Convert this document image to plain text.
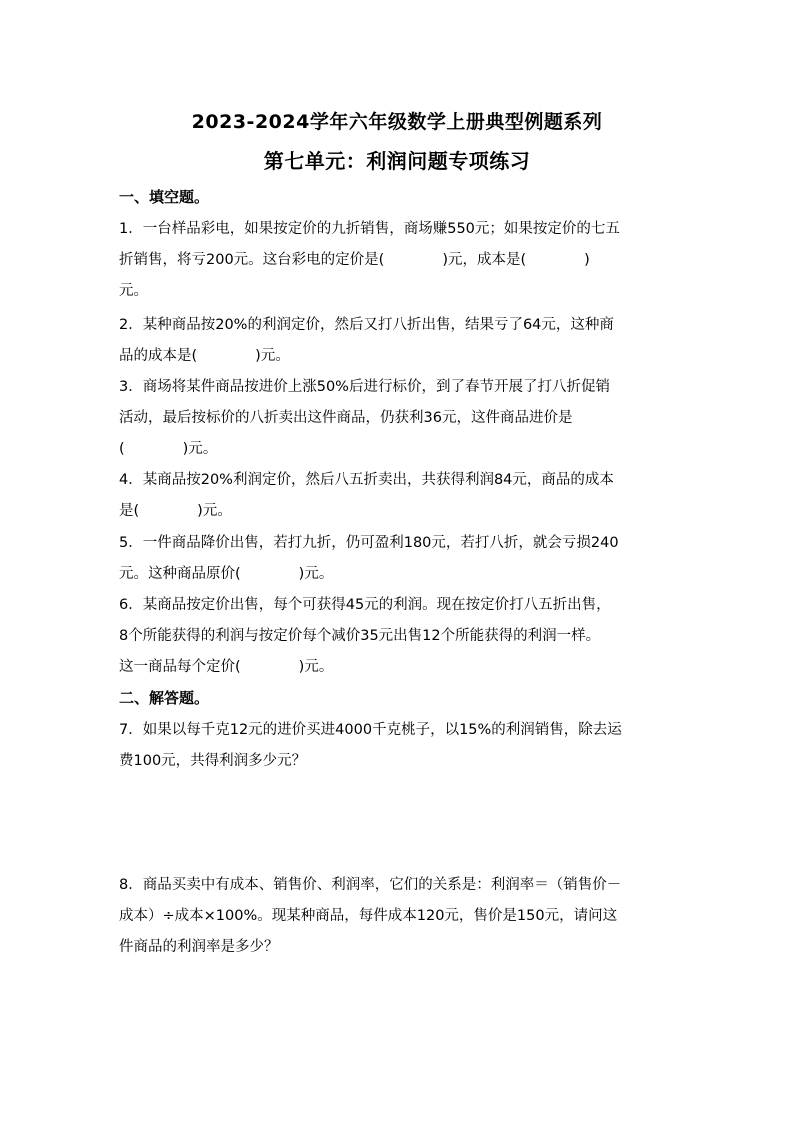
2023-2024学年六年级数学上册典型例题系列
第七单元：利润问题专项练习
一、填空题。
1．一台样品彩电，如果按定价的九折销售，商场赚550元；如果按定价的七五
折销售，将亏200元。这台彩电的定价是(　　　　)元，成本是(　　　　)
元。
2．某种商品按20%的利润定价，然后又打八折出售，结果亏了64元，这种商
品的成本是(　　　　)元。
3．商场将某件商品按进价上涨50%后进行标价，到了春节开展了打八折促销
活动，最后按标价的八折卖出这件商品，仍获利36元，这件商品进价是
(　　　　)元。
4．某商品按20%利润定价，然后八五折卖出，共获得利润84元，商品的成本
是(　　　　)元。
5．一件商品降价出售，若打九折，仍可盈利180元，若打八折，就会亏损240
元。这种商品原价(　　　　)元。
6．某商品按定价出售，每个可获得45元的利润。现在按定价打八五折出售，
8个所能获得的利润与按定价每个减价35元出售12个所能获得的利润一样。
这一商品每个定价(　　　　)元。
二、解答题。
7．如果以每千克12元的进价买进4000千克桃子，以15%的利润销售，除去运
费100元，共得利润多少元？
8．商品买卖中有成本、销售价、利润率，它们的关系是：利润率＝（销售价－
成本）÷成本×100%。现某种商品，每件成本120元，售价是150元，请问这
件商品的利润率是多少？
